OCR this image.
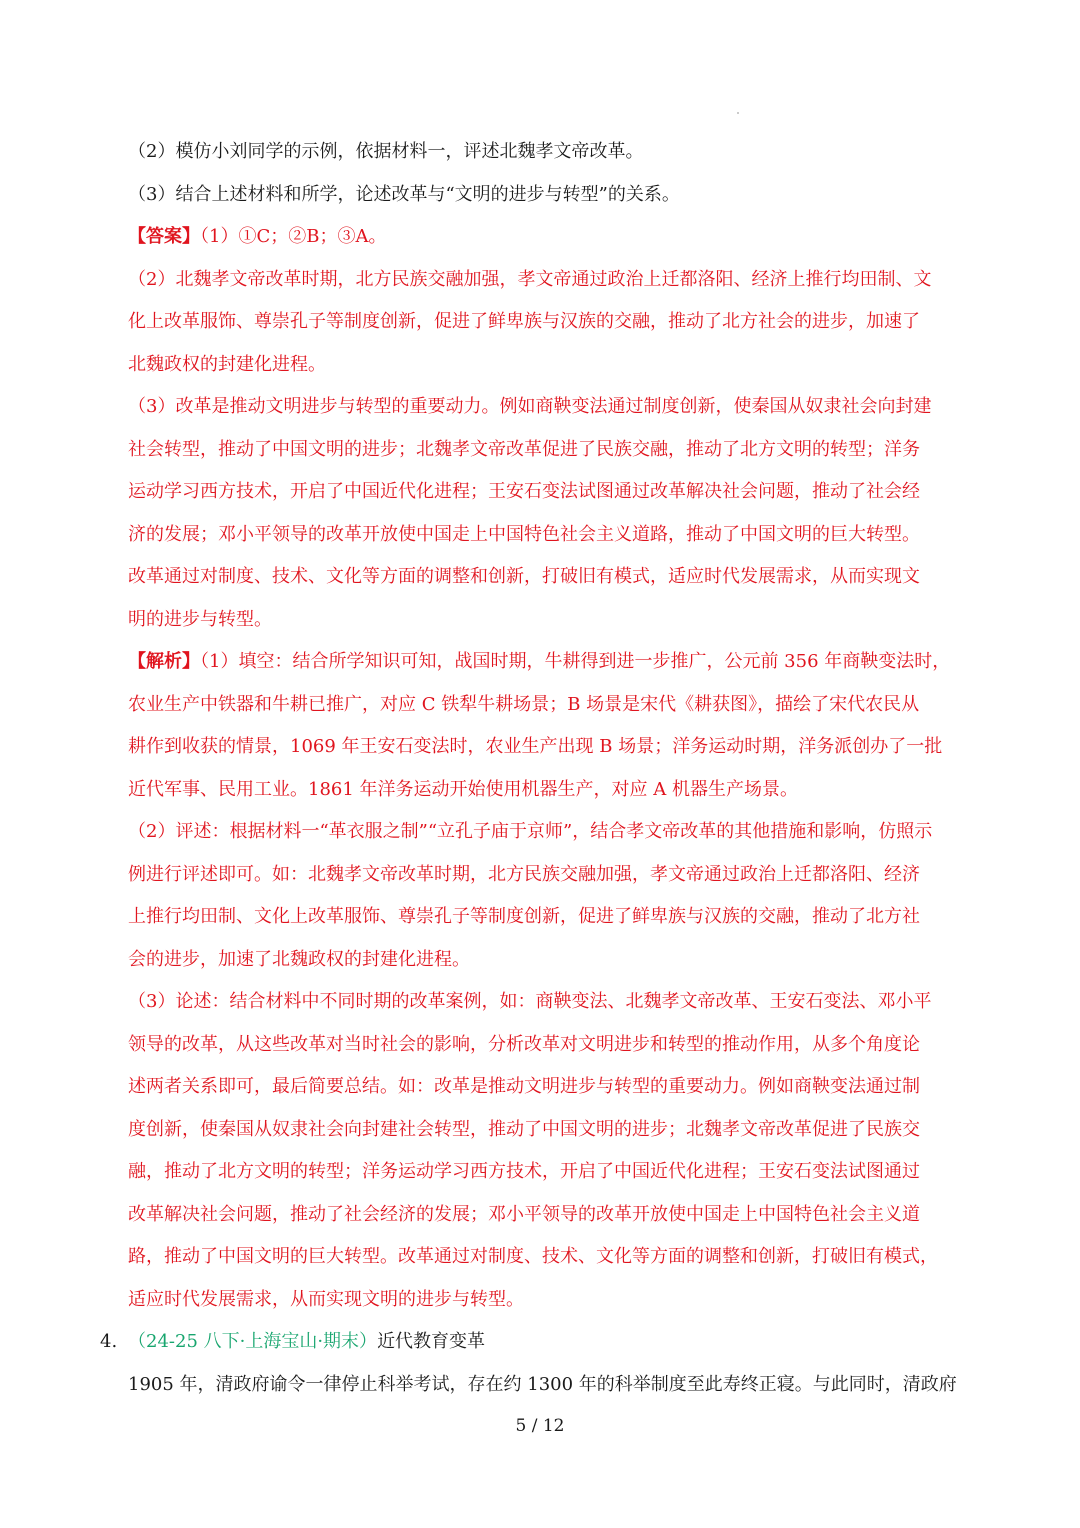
（2）模仿小刘同学的示例，依据材料一，评述北魏孝文帝改革。
（3）结合上述材料和所学，论述改革与“文明的进步与转型”的关系。
【答案】（1）①C；②B；③A。
（2）北魏孝文帝改革时期，北方民族交融加强，孝文帝通过政治上迁都洛阳、经济上推行均田制、文
化上改革服饰、尊崇孔子等制度创新，促进了鲜卑族与汉族的交融，推动了北方社会的进步，加速了
北魏政权的封建化进程。
（3）改革是推动文明进步与转型的重要动力。例如商鞅变法通过制度创新，使秦国从奴隶社会向封建
社会转型，推动了中国文明的进步；北魏孝文帝改革促进了民族交融，推动了北方文明的转型；洋务
运动学习西方技术，开启了中国近代化进程；王安石变法试图通过改革解决社会问题，推动了社会经
济的发展；邓小平领导的改革开放使中国走上中国特色社会主义道路，推动了中国文明的巨大转型。
改革通过对制度、技术、文化等方面的调整和创新，打破旧有模式，适应时代发展需求，从而实现文
明的进步与转型。
【解析】（1）填空：结合所学知识可知，战国时期，牛耕得到进一步推广，公元前 356 年商鞅变法时，
农业生产中铁器和牛耕已推广，对应 C 铁犁牛耕场景；B 场景是宋代《耕获图》，描绘了宋代农民从
耕作到收获的情景，1069 年王安石变法时，农业生产出现 B 场景；洋务运动时期，洋务派创办了一批
近代军事、民用工业。1861 年洋务运动开始使用机器生产，对应 A 机器生产场景。
（2）评述：根据材料一“革衣服之制”“立孔子庙于京师”，结合孝文帝改革的其他措施和影响，仿照示
例进行评述即可。如：北魏孝文帝改革时期，北方民族交融加强，孝文帝通过政治上迁都洛阳、经济
上推行均田制、文化上改革服饰、尊崇孔子等制度创新，促进了鲜卑族与汉族的交融，推动了北方社
会的进步，加速了北魏政权的封建化进程。
（3）论述：结合材料中不同时期的改革案例，如：商鞅变法、北魏孝文帝改革、王安石变法、邓小平
领导的改革，从这些改革对当时社会的影响，分析改革对文明进步和转型的推动作用，从多个角度论
述两者关系即可，最后简要总结。如：改革是推动文明进步与转型的重要动力。例如商鞅变法通过制
度创新，使秦国从奴隶社会向封建社会转型，推动了中国文明的进步；北魏孝文帝改革促进了民族交
融，推动了北方文明的转型；洋务运动学习西方技术，开启了中国近代化进程；王安石变法试图通过
改革解决社会问题，推动了社会经济的发展；邓小平领导的改革开放使中国走上中国特色社会主义道
路，推动了中国文明的巨大转型。改革通过对制度、技术、文化等方面的调整和创新，打破旧有模式，
适应时代发展需求，从而实现文明的进步与转型。
4. （24-25 八下·上海宝山·期末）近代教育变革
1905 年，清政府谕令一律停止科举考试，存在约 1300 年的科举制度至此寿终正寝。与此同时，清政府
5 / 12
